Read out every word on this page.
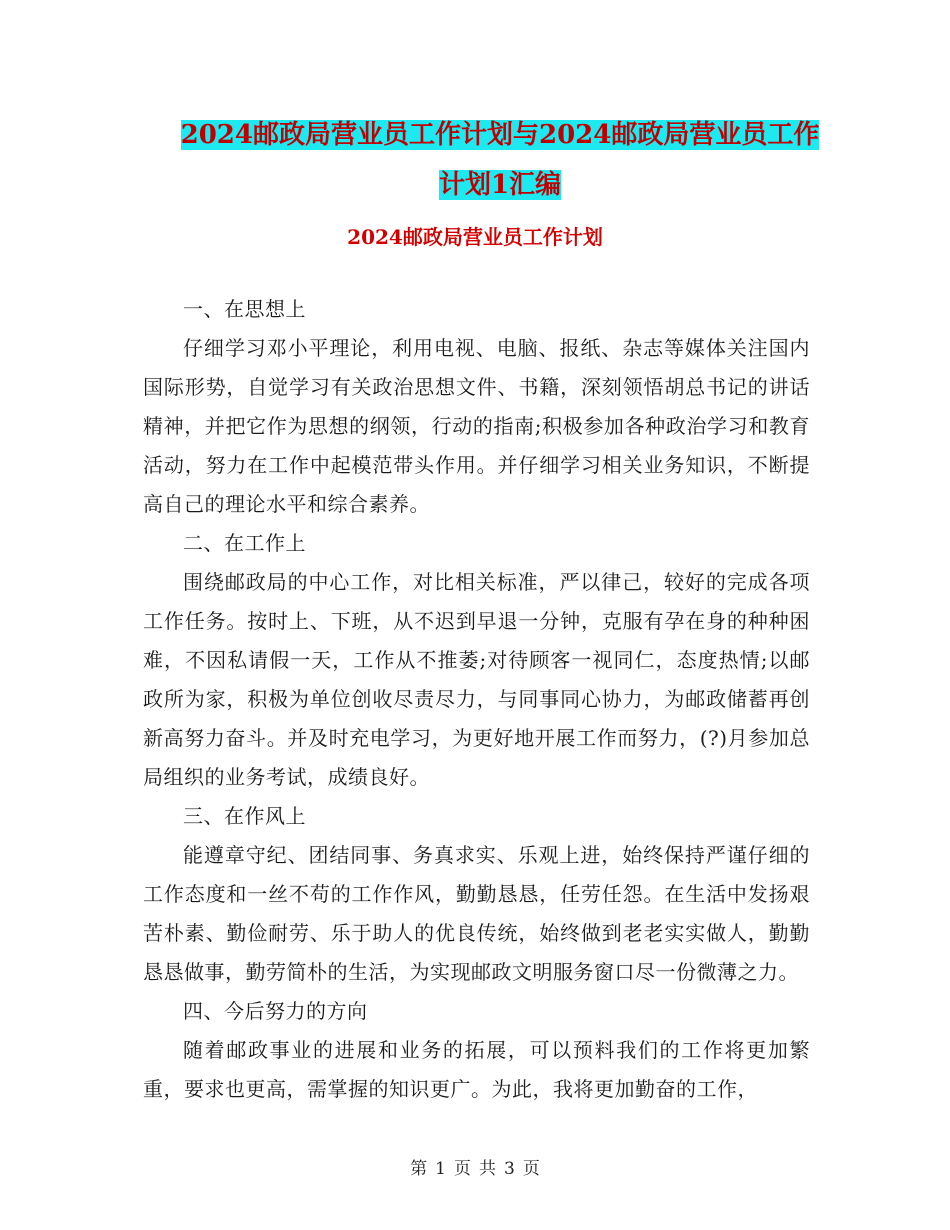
2024邮政局营业员工作计划与2024邮政局营业员工作
计划1汇编
2024邮政局营业员工作计划

一、在思想上

仔细学习邓小平理论，利用电视、电脑、报纸、杂志等媒体关注国内国际形势，自觉学习有关政治思想文件、书籍，深刻领悟胡总书记的讲话精神，并把它作为思想的纲领，行动的指南;积极参加各种政治学习和教育活动，努力在工作中起模范带头作用。并仔细学习相关业务知识，不断提高自己的理论水平和综合素养。

二、在工作上

围绕邮政局的中心工作，对比相关标准，严以律己，较好的完成各项工作任务。按时上、下班，从不迟到早退一分钟，克服有孕在身的种种困难，不因私请假一天，工作从不推萎;对待顾客一视同仁，态度热情;以邮政所为家，积极为单位创收尽责尽力，与同事同心协力，为邮政储蓄再创新高努力奋斗。并及时充电学习，为更好地开展工作而努力，(?)月参加总局组织的业务考试，成绩良好。

三、在作风上

能遵章守纪、团结同事、务真求实、乐观上进，始终保持严谨仔细的工作态度和一丝不苟的工作作风，勤勤恳恳，任劳任怨。在生活中发扬艰苦朴素、勤俭耐劳、乐于助人的优良传统，始终做到老老实实做人，勤勤恳恳做事，勤劳简朴的生活，为实现邮政文明服务窗口尽一份微薄之力。

四、今后努力的方向

随着邮政事业的进展和业务的拓展，可以预料我们的工作将更加繁重，要求也更高，需掌握的知识更广。为此，我将更加勤奋的工作，

第 1 页 共 3 页
